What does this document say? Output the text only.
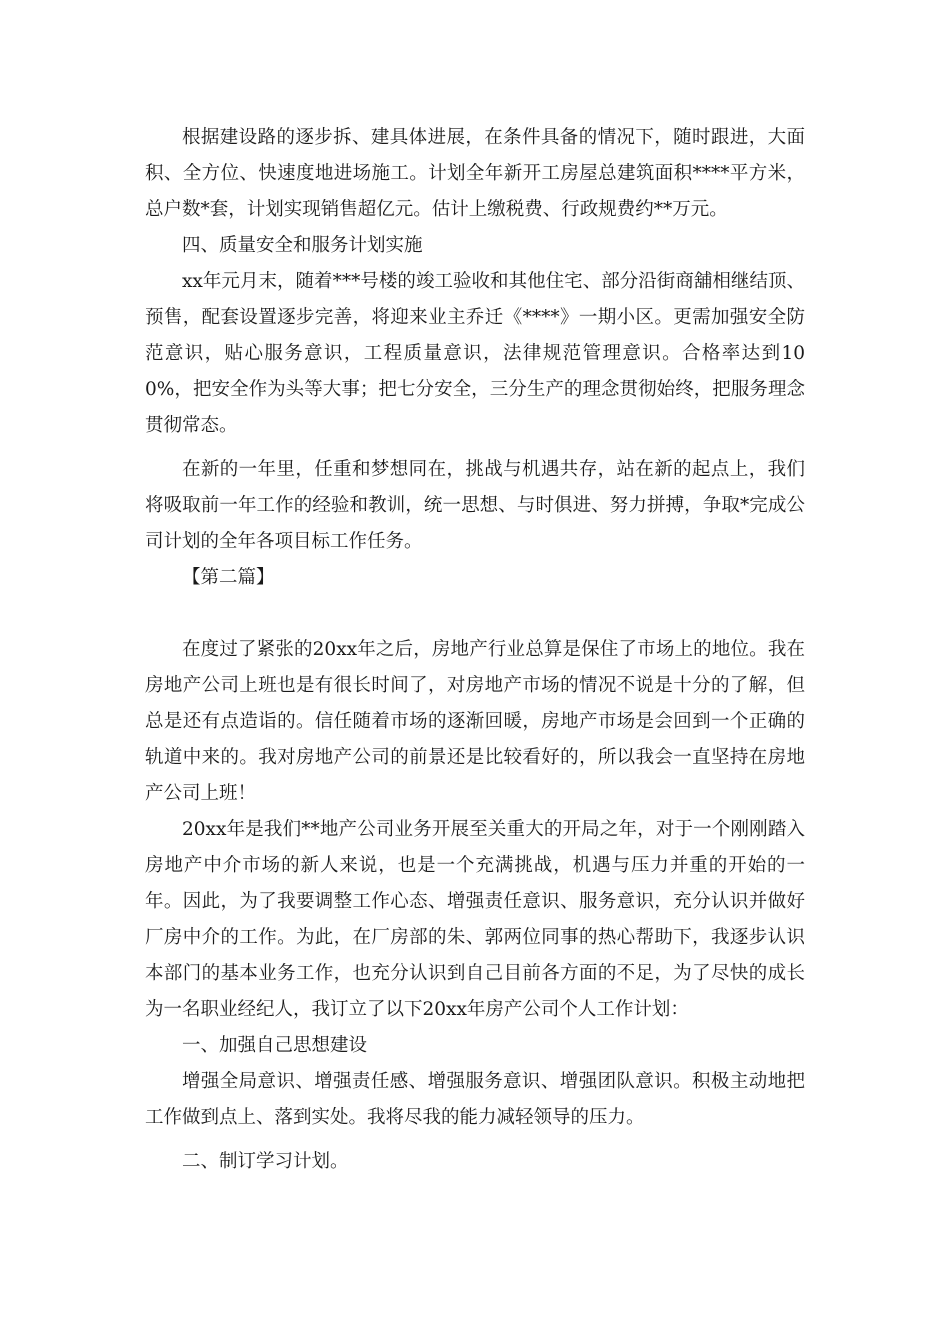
根据建设路的逐步拆、建具体进展，在条件具备的情况下，随时跟进，大面积、全方位、快速度地进场施工。计划全年新开工房屋总建筑面积****平方米，总户数*套，计划实现销售超亿元。估计上缴税费、行政规费约**万元。

四、质量安全和服务计划实施

xx年元月末，随着***号楼的竣工验收和其他住宅、部分沿街商舖相继结顶、预售，配套设置逐步完善，将迎来业主乔迁《****》一期小区。更需加强安全防范意识，贴心服务意识，工程质量意识，法律规范管理意识。合格率达到100%，把安全作为头等大事；把七分安全，三分生产的理念贯彻始终，把服务理念贯彻常态。

在新的一年里，任重和梦想同在，挑战与机遇共存，站在新的起点上，我们将吸取前一年工作的经验和教训，统一思想、与时俱进、努力拼搏，争取*完成公司计划的全年各项目标工作任务。

【第二篇】

在度过了紧张的20xx年之后，房地产行业总算是保住了市场上的地位。我在房地产公司上班也是有很长时间了，对房地产市场的情况不说是十分的了解，但总是还有点造诣的。信任随着市场的逐渐回暖，房地产市场是会回到一个正确的轨道中来的。我对房地产公司的前景还是比较看好的，所以我会一直坚持在房地产公司上班！

20xx年是我们**地产公司业务开展至关重大的开局之年，对于一个刚刚踏入房地产中介市场的新人来说，也是一个充满挑战，机遇与压力并重的开始的一年。因此，为了我要调整工作心态、增强责任意识、服务意识，充分认识并做好厂房中介的工作。为此，在厂房部的朱、郭两位同事的热心帮助下，我逐步认识本部门的基本业务工作，也充分认识到自己目前各方面的不足，为了尽快的成长为一名职业经纪人，我订立了以下20xx年房产公司个人工作计划：

一、加强自己思想建设

增强全局意识、增强责任感、增强服务意识、增强团队意识。积极主动地把工作做到点上、落到实处。我将尽我的能力减轻领导的压力。

二、制订学习计划。
